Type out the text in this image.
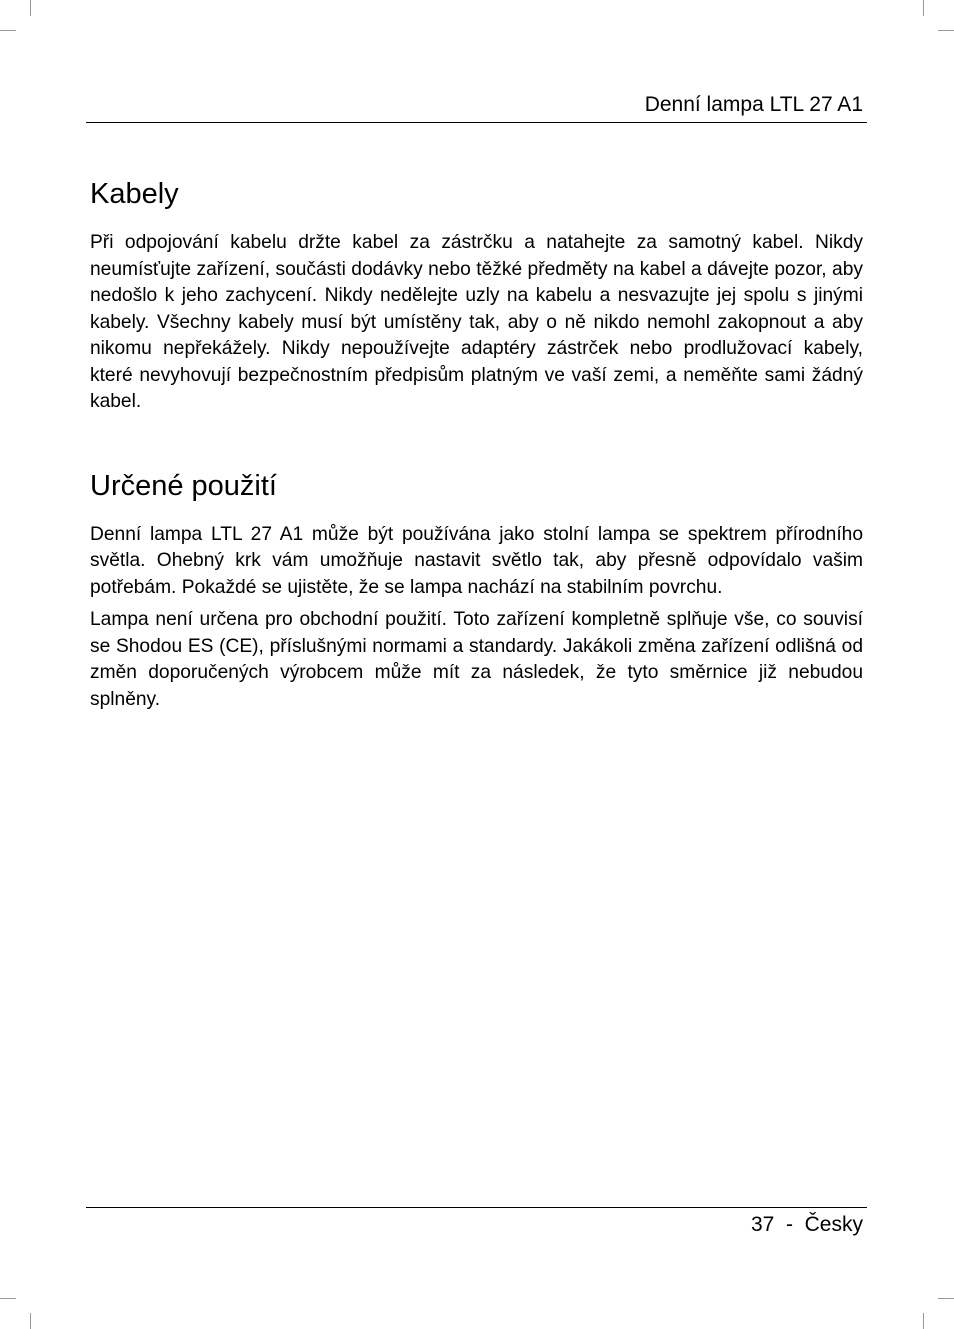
Denní lampa LTL 27 A1
Kabely

Při odpojování kabelu držte kabel za zástrčku a natahejte za samotný kabel. Nikdy neumísťujte zařízení, součásti dodávky nebo těžké předměty na kabel a dávejte pozor, aby nedošlo k jeho zachycení. Nikdy nedělejte uzly na kabelu a nesvazujte jej spolu s jinými kabely. Všechny kabely musí být umístěny tak, aby o ně nikdo nemohl zakopnout a aby nikomu nepřekážely. Nikdy nepoužívejte adaptéry zástrček nebo prodlužovací kabely, které nevyhovují bezpečnostním předpisům platným ve vaší zemi, a neměňte sami žádný kabel.

Určené použití

Denní lampa LTL 27 A1 může být používána jako stolní lampa se spektrem přírodního světla. Ohebný krk vám umožňuje nastavit světlo tak, aby přesně odpovídalo vašim potřebám. Pokaždé se ujistěte, že se lampa nachází na stabilním povrchu.

Lampa není určena pro obchodní použití. Toto zařízení kompletně splňuje vše, co souvisí se Shodou ES (CE), příslušnými normami a standardy. Jakákoli změna zařízení odlišná od změn doporučených výrobcem může mít za následek, že tyto směrnice již nebudou splněny.

37  -  Česky
